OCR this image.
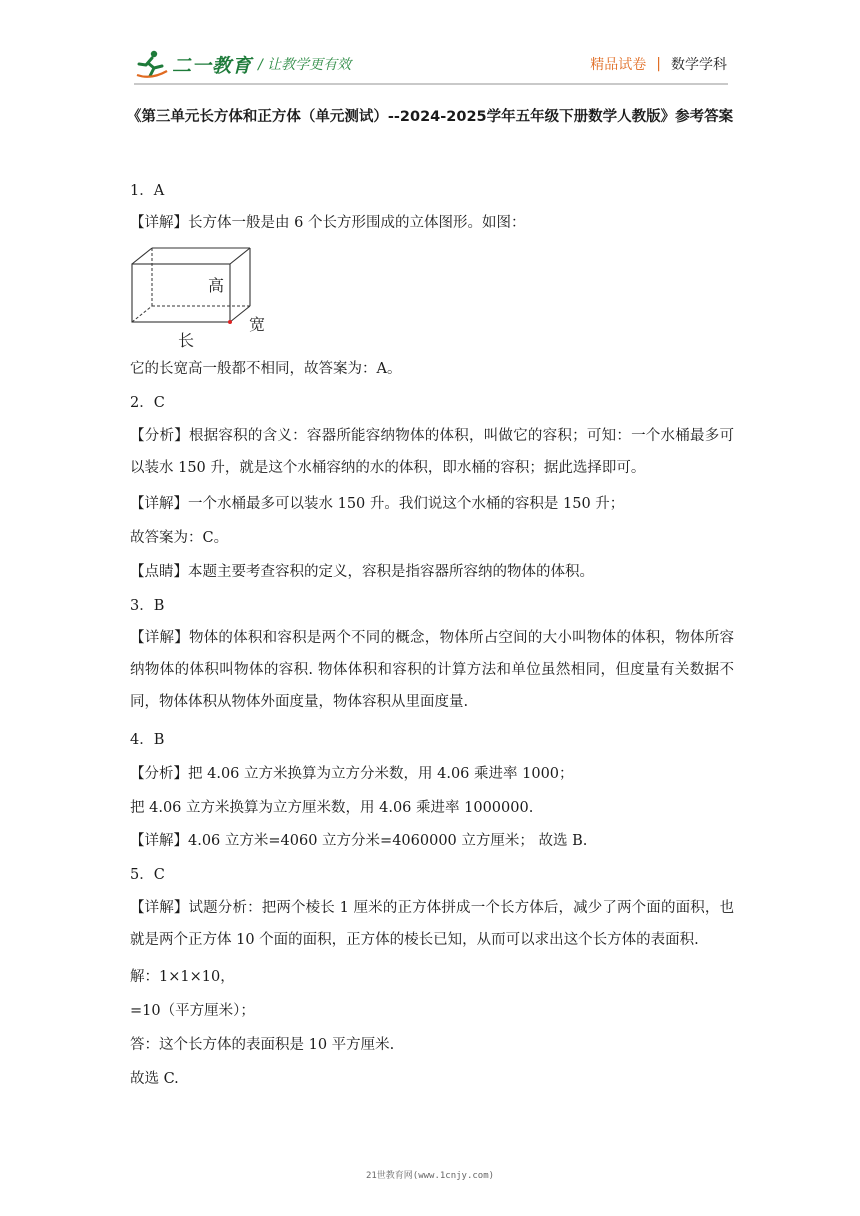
二一教育 / 让教学更有效	精品试卷 | 数学学科
《第三单元长方体和正方体（单元测试）--2024-2025学年五年级下册数学人教版》参考答案
1．A
【详解】长方体一般是由 6 个长方形围成的立体图形。如图：
高
宽
长
它的长宽高一般都不相同，故答案为：A。
2．C
【分析】根据容积的含义：容器所能容纳物体的体积，叫做它的容积；可知：一个水桶最多可以装水 150 升，就是这个水桶容纳的水的体积，即水桶的容积；据此选择即可。
【详解】一个水桶最多可以装水 150 升。我们说这个水桶的容积是 150 升；
故答案为：C。
【点睛】本题主要考查容积的定义，容积是指容器所容纳的物体的体积。
3．B
【详解】物体的体积和容积是两个不同的概念，物体所占空间的大小叫物体的体积，物体所容纳物体的体积叫物体的容积. 物体体积和容积的计算方法和单位虽然相同，但度量有关数据不同，物体体积从物体外面度量，物体容积从里面度量.
4．B
【分析】把 4.06 立方米换算为立方分米数，用 4.06 乘进率 1000；
把 4.06 立方米换算为立方厘米数，用 4.06 乘进率 1000000.
【详解】4.06 立方米=4060 立方分米=4060000 立方厘米； 故选 B.
5．C
【详解】试题分析：把两个棱长 1 厘米的正方体拼成一个长方体后，减少了两个面的面积，也就是两个正方体 10 个面的面积，正方体的棱长已知，从而可以求出这个长方体的表面积.
解：1×1×10，
=10（平方厘米）；
答：这个长方体的表面积是 10 平方厘米.
故选 C.
21世教育网(www.1cnjy.com)
